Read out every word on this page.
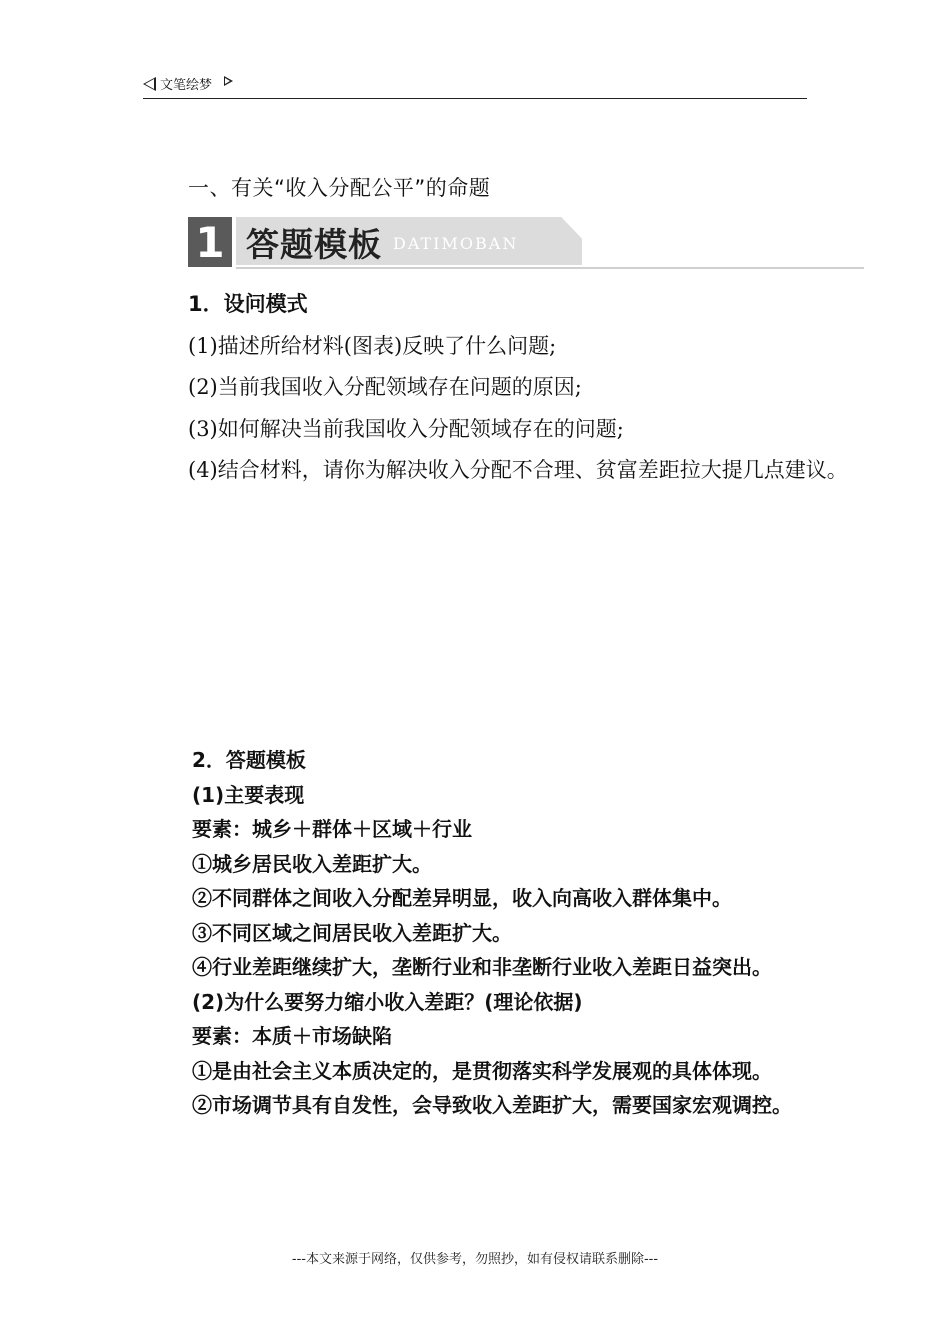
文笔绘梦
一、有关“收入分配公平”的命题
1 答题模板 DATIMOBAN
1．设问模式
(1)描述所给材料(图表)反映了什么问题;
(2)当前我国收入分配领域存在问题的原因;
(3)如何解决当前我国收入分配领域存在的问题;
(4)结合材料，请你为解决收入分配不合理、贫富差距拉大提几点建议。
2．答题模板
(1)主要表现
要素：城乡＋群体＋区域＋行业
①城乡居民收入差距扩大。
②不同群体之间收入分配差异明显，收入向高收入群体集中。
③不同区域之间居民收入差距扩大。
④行业差距继续扩大，垄断行业和非垄断行业收入差距日益突出。
(2)为什么要努力缩小收入差距？(理论依据)
要素：本质＋市场缺陷
①是由社会主义本质决定的，是贯彻落实科学发展观的具体体现。
②市场调节具有自发性，会导致收入差距扩大，需要国家宏观调控。
---本文来源于网络，仅供参考，勿照抄，如有侵权请联系删除---
